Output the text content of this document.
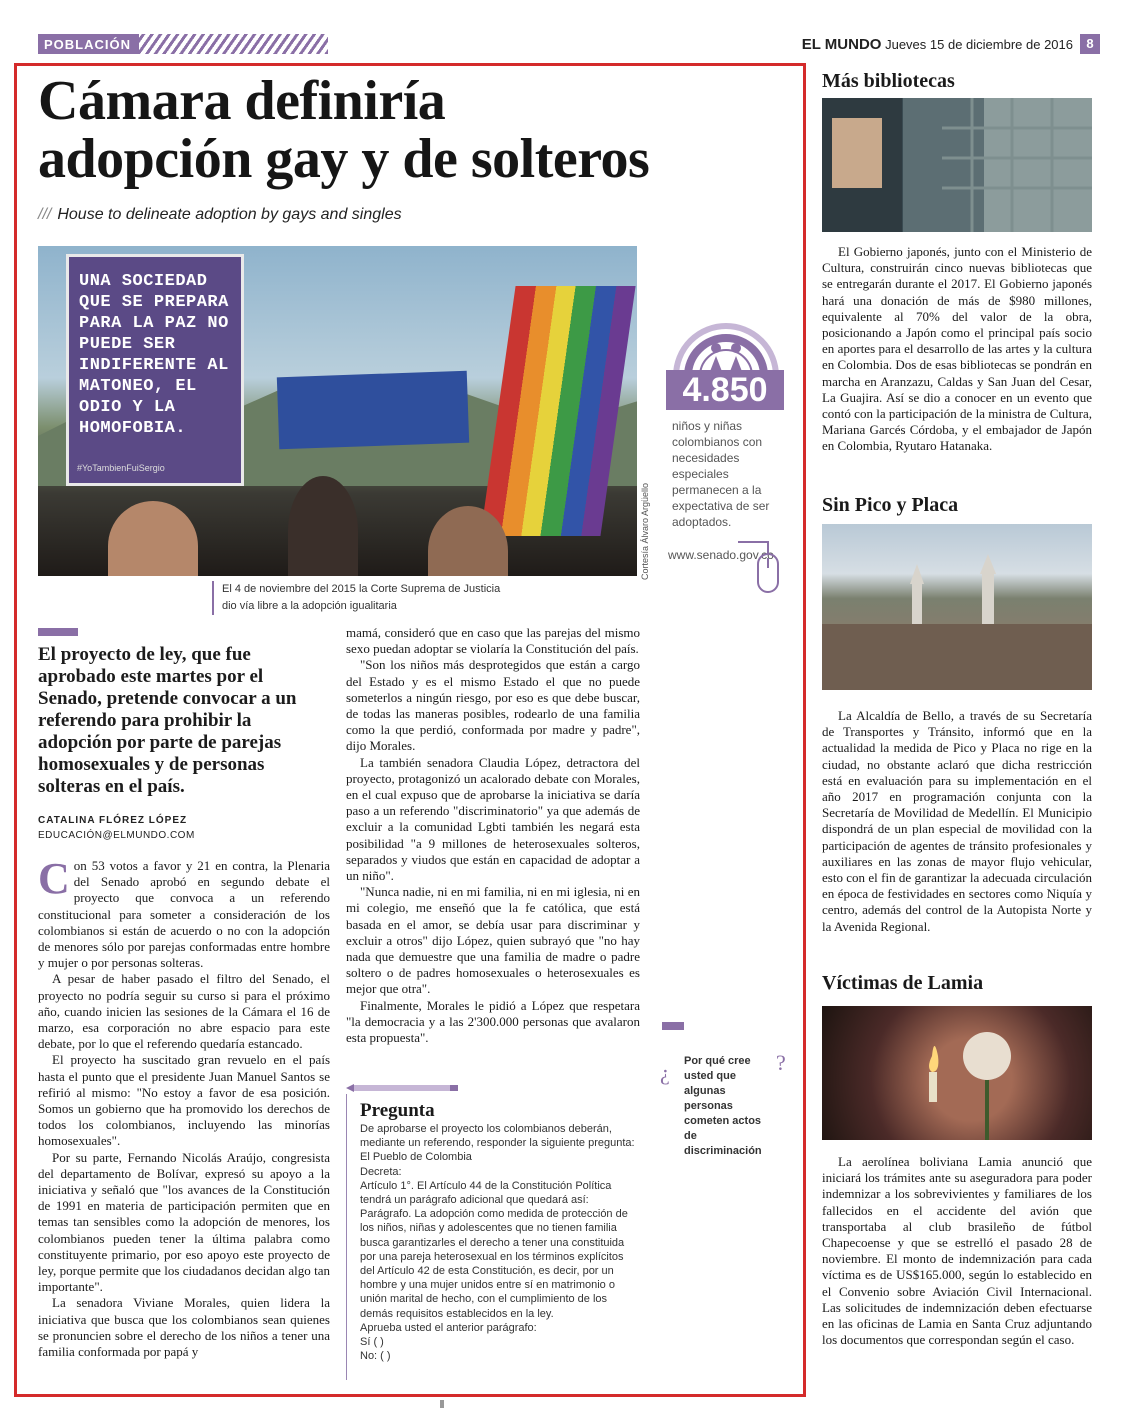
POBLACIÓN	EL MUNDO Jueves 15 de diciembre de 2016	8
Cámara definiría
adopción gay y de solteros
/// House to delineate adoption by gays and singles
UNA SOCIEDAD QUE SE PREPARA PARA LA PAZ NO PUEDE SER INDIFERENTE AL MATONEO, EL ODIO Y LA HOMOFOBIA.
#YoTambienFuiSergio
Cortesía Álvaro Argüello
El 4 de noviembre del 2015 la Corte Suprema de Justicia dio vía libre a la adopción igualitaria
4.850
niños y niñas colombianos con necesidades especiales permanecen a la expectativa de ser adoptados.
www.senado.gov.co
El proyecto de ley, que fue aprobado este martes por el Senado, pretende convocar a un referendo para prohibir la adopción por parte de parejas homosexuales y de personas solteras en el país.
CATALINA FLÓREZ LÓPEZ
EDUCACIÓN@ELMUNDO.COM

Con 53 votos a favor y 21 en contra, la Plenaria del Senado aprobó en segundo debate el proyecto que convoca a un referendo constitucional para someter a consideración de los colombianos si están de acuerdo o no con la adopción de menores sólo por parejas conformadas entre hombre y mujer o por personas solteras.

A pesar de haber pasado el filtro del Senado, el proyecto no podría seguir su curso si para el próximo año, cuando inicien las sesiones de la Cámara el 16 de marzo, esa corporación no abre espacio para este debate, por lo que el referendo quedaría estancado.

El proyecto ha suscitado gran revuelo en el país hasta el punto que el presidente Juan Manuel Santos se refirió al mismo: "No estoy a favor de esa posición. Somos un gobierno que ha promovido los derechos de todos los colombianos, incluyendo las minorías homosexuales".

Por su parte, Fernando Nicolás Araújo, congresista del departamento de Bolívar, expresó su apoyo a la iniciativa y señaló que "los avances de la Constitución de 1991 en materia de participación permiten que en temas tan sensibles como la adopción de menores, los colombianos pueden tener la última palabra como constituyente primario, por eso apoyo este proyecto de ley, porque permite que los ciudadanos decidan algo tan importante".

La senadora Viviane Morales, quien lidera la iniciativa que busca que los colombianos sean quienes se pronuncien sobre el derecho de los niños a tener una familia conformada por papá y

mamá, consideró que en caso que las parejas del mismo sexo puedan adoptar se violaría la Constitución del país.

"Son los niños más desprotegidos que están a cargo del Estado y es el mismo Estado el que no puede someterlos a ningún riesgo, por eso es que debe buscar, de todas las maneras posibles, rodearlo de una familia como la que perdió, conformada por madre y padre", dijo Morales.

La también senadora Claudia López, detractora del proyecto, protagonizó un acalorado debate con Morales, en el cual expuso que de aprobarse la iniciativa se daría paso a un referendo "discriminatorio" ya que además de excluir a la comunidad Lgbti también les negará esta posibilidad "a 9 millones de heterosexuales solteros, separados y viudos que están en capacidad de adoptar a un niño".

"Nunca nadie, ni en mi familia, ni en mi iglesia, ni en mi colegio, me enseñó que la fe católica, que está basada en el amor, se debía usar para discriminar y excluir a otros" dijo López, quien subrayó que "no hay nada que demuestre que una familia de madre o padre soltero o de padres homosexuales o heterosexuales es mejor que otra".

Finalmente, Morales le pidió a López que respetara "la democracia y a las 2'300.000 personas que avalaron esta propuesta".

Pregunta
De aprobarse el proyecto los colombianos deberán, mediante un referendo, responder la siguiente pregunta:
El Pueblo de Colombia
Decreta:
Artículo 1°. El Artículo 44 de la Constitución Política tendrá un parágrafo adicional que quedará así:
Parágrafo. La adopción como medida de protección de los niños, niñas y adolescentes que no tienen familia busca garantizarles el derecho a tener una constituida por una pareja heterosexual en los términos explícitos del Artículo 42 de esta Constitución, es decir, por un hombre y una mujer unidos entre sí en matrimonio o unión marital de hecho, con el cumplimiento de los demás requisitos establecidos en la ley.
Aprueba usted el anterior parágrafo:
Sí ( )
No: ( )
¿	?
Por qué cree usted que algunas personas cometen actos de discriminación
Más bibliotecas
El Gobierno japonés, junto con el Ministerio de Cultura, construirán cinco nuevas bibliotecas que se entregarán durante el 2017. El Gobierno japonés hará una donación de más de $980 millones, equivalente al 70% del valor de la obra, posicionando a Japón como el principal país socio en aportes para el desarrollo de las artes y la cultura en Colombia. Dos de esas bibliotecas se pondrán en marcha en Aranzazu, Caldas y San Juan del Cesar, La Guajira. Así se dio a conocer en un evento que contó con la participación de la ministra de Cultura, Mariana Garcés Córdoba, y el embajador de Japón en Colombia, Ryutaro Hatanaka.
Sin Pico y Placa
La Alcaldía de Bello, a través de su Secretaría de Transportes y Tránsito, informó que en la actualidad la medida de Pico y Placa no rige en la ciudad, no obstante aclaró que dicha restricción está en evaluación para su implementación en el año 2017 en programación conjunta con la Secretaría de Movilidad de Medellín. El Municipio dispondrá de un plan especial de movilidad con la participación de agentes de tránsito profesionales y auxiliares en las zonas de mayor flujo vehicular, esto con el fin de garantizar la adecuada circulación en época de festividades en sectores como Niquía y centro, además del control de la Autopista Norte y la Avenida Regional.
Víctimas de Lamia
La aerolínea boliviana Lamia anunció que iniciará los trámites ante su aseguradora para poder indemnizar a los sobrevivientes y familiares de los fallecidos en el accidente del avión que transportaba al club brasileño de fútbol Chapecoense y que se estrelló el pasado 28 de noviembre. El monto de indemnización para cada víctima es de US$165.000, según lo establecido en el Convenio sobre Aviación Civil Internacional. Las solicitudes de indemnización deben efectuarse en las oficinas de Lamia en Santa Cruz adjuntando los documentos que correspondan según el caso.
